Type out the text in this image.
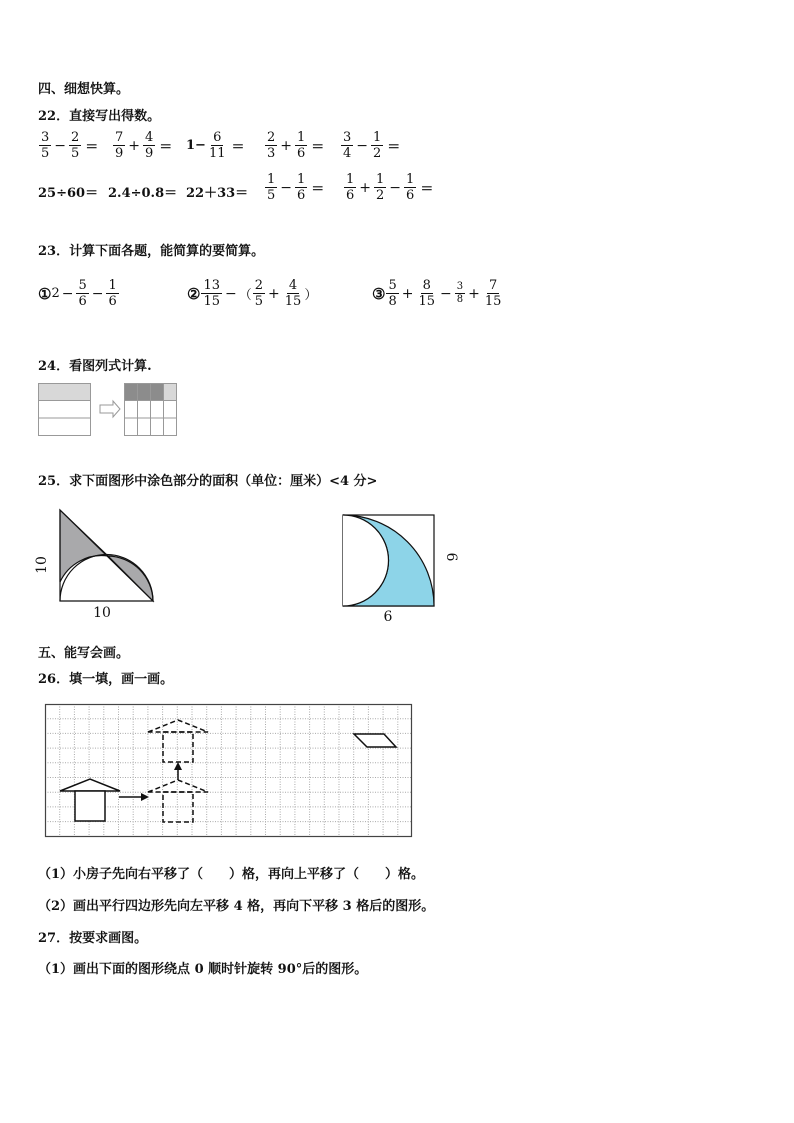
四、细想快算。
22．直接写出得数。
3
$5 - \frac{2}{5}$ ＝
7
$9 + \frac{4}{9} = 1- \frac{6}{11}$ ＝
2
$3 + \frac{1}{6}$ ＝
3
$4 - \frac{1}{2}$ ＝
25÷60＝ 2.4÷0.8＝ 22＋33＝
1
$5 - \frac{1}{6}$ ＝
1
$6 + \frac{1}{2} - \frac{1}{6}$ ＝
23．计算下面各题，能简算的要简算。
① $2 - \frac{5}{6} - \frac{1}{6}$	② 13
15 − （
2
$5 + \frac{4}{15}$ ）	③ 5
$8 + \frac{8}{15} - \frac{3}{8} + \frac{7}{15}$
24．看图列式计算.
25．求下面图形中涂色部分的面积（单位：厘米）<4 分>
10
10
6
6
五、能写会画。
26．填一填，画一画。
（1）小房子先向右平移了（　　）格，再向上平移了（　　）格。
（2）画出平行四边形先向左平移 4 格，再向下平移 3 格后的图形。
27．按要求画图。
（1）画出下面的图形绕点 0 顺时针旋转 90°后的图形。
